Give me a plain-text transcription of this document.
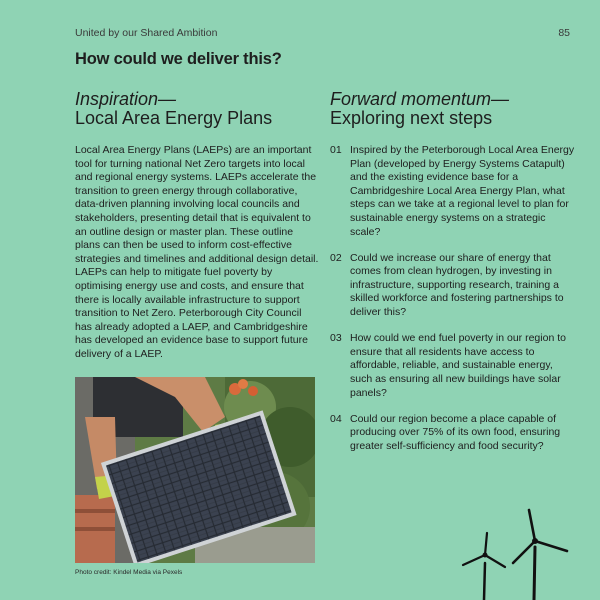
United by our Shared Ambition	85
How could we deliver this?
Inspiration—
Local Area Energy Plans

Local Area Energy Plans (LAEPs) are an important tool for turning national Net Zero targets into local and regional energy systems. LAEPs accelerate the transition to green energy through collaborative, data-driven planning involving local councils and stakeholders, presenting detail that is equivalent to an outline design or master plan. These outline plans can then be used to inform cost-effective strategies and timelines and additional design detail. LAEPs can help to mitigate fuel poverty by optimising energy use and costs, and ensure that there is locally available infrastructure to support transition to Net Zero. Peterborough City Council has already adopted a LAEP, and Cambridgeshire has developed an evidence base to support future delivery of a LAEP.

Forward momentum—
Exploring next steps
01 Inspired by the Peterborough Local Area Energy Plan (developed by Energy Systems Catapult) and the existing evidence base for a Cambridgeshire Local Area Energy Plan, what steps can we take at a regional level to plan for sustainable energy systems on a strategic scale?
02 Could we increase our share of energy that comes from clean hydrogen, by investing in infrastructure, supporting research, training a skilled workforce and fostering partnerships to deliver this?
03 How could we end fuel poverty in our region to ensure that all residents have access to affordable, reliable, and sustainable energy, such as ensuring all new buildings have solar panels?
04 Could our region become a place capable of producing over 75% of its own food, ensuring greater self-sufficiency and food security?
Photo credit: Kindel Media via Pexels
